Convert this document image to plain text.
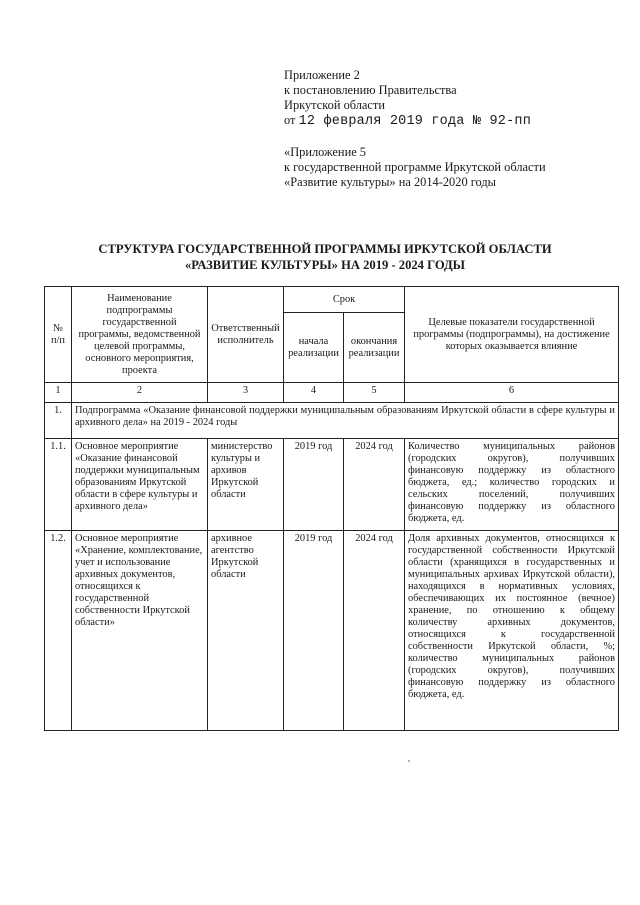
Приложение 2
к постановлению Правительства
Иркутской области
от 12 февраля 2019 года № 92-пп
«Приложение 5
к государственной программе Иркутской области
«Развитие культуры» на 2014-2020 годы
СТРУКТУРА ГОСУДАРСТВЕННОЙ ПРОГРАММЫ ИРКУТСКОЙ ОБЛАСТИ
«РАЗВИТИЕ КУЛЬТУРЫ» НА 2019 - 2024 ГОДЫ
№ п/п	Наименование подпрограммы государственной программы, ведомственной целевой программы, основного мероприятия, проекта	Ответственный исполнитель	Срок		Целевые показатели государственной программы (подпрограммы), на достижение которых оказывается влияние
			начала реализации	окончания реализации	
1	2	3	4	5	6
1.	Подпрограмма «Оказание финансовой поддержки муниципальным образованиям Иркутской области в сфере культуры и архивного дела» на 2019 - 2024 годы				
1.1.	Основное мероприятие «Оказание финансовой поддержки муниципальным образованиям Иркутской области в сфере культуры и архивного дела»	министерство культуры и архивов Иркутской области	2019 год	2024 год	Количество муниципальных районов (городских округов), получивших финансовую поддержку из областного бюджета, ед.; количество городских и сельских поселений, получивших финансовую поддержку из областного бюджета, ед.
1.2.	Основное мероприятие «Хранение, комплектование, учет и использование архивных документов, относящихся к государственной собственности Иркутской области»	архивное агентство Иркутской области	2019 год	2024 год	Доля архивных документов, относящихся к государственной собственности Иркутской области (хранящихся в государственных и муниципальных архивах Иркутской области), находящихся в нормативных условиях, обеспечивающих их постоянное (вечное) хранение, по отношению к общему количеству архивных документов, относящихся к государственной собственности Иркутской области, %; количество муниципальных районов (городских округов), получивших финансовую поддержку из областного бюджета, ед.
